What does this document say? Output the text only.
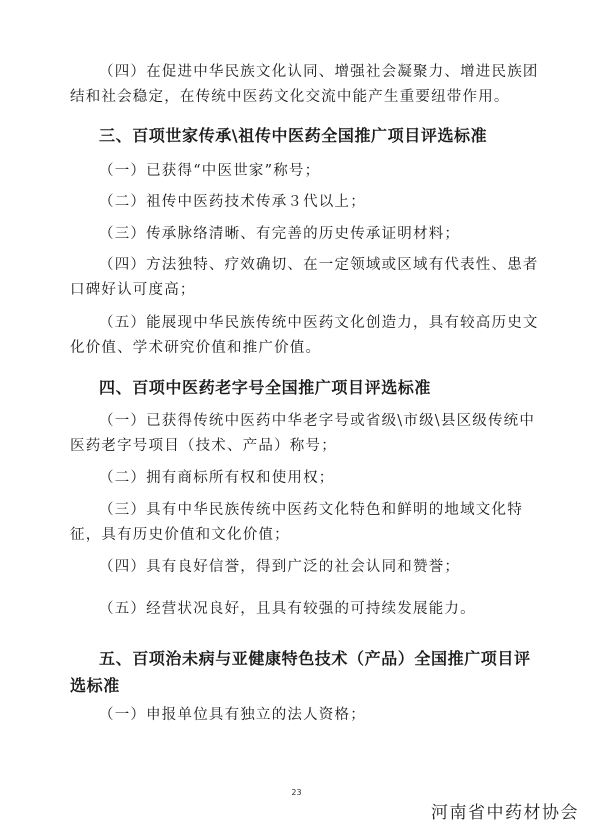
（四）在促进中华民族文化认同、增强社会凝聚力、增进民族团结和社会稳定，在传统中医药文化交流中能产生重要纽带作用。

三、百项世家传承\祖传中医药全国推广项目评选标准

（一）已获得“中医世家”称号；

（二）祖传中医药技术传承３代以上；

（三）传承脉络清晰、有完善的历史传承证明材料；

（四）方法独特、疗效确切、在一定领域或区域有代表性、患者口碑好认可度高；

（五）能展现中华民族传统中医药文化创造力，具有较高历史文化价值、学术研究价值和推广价值。

四、百项中医药老字号全国推广项目评选标准

（一）已获得传统中医药中华老字号或省级\市级\县区级传统中医药老字号项目（技术、产品）称号；

（二）拥有商标所有权和使用权；

（三）具有中华民族传统中医药文化特色和鲜明的地域文化特征，具有历史价值和文化价值；

（四）具有良好信誉，得到广泛的社会认同和赞誉；

（五）经营状况良好，且具有较强的可持续发展能力。

五、百项治未病与亚健康特色技术（产品）全国推广项目评选标准

（一）申报单位具有独立的法人资格；

23
河南省中药材协会
